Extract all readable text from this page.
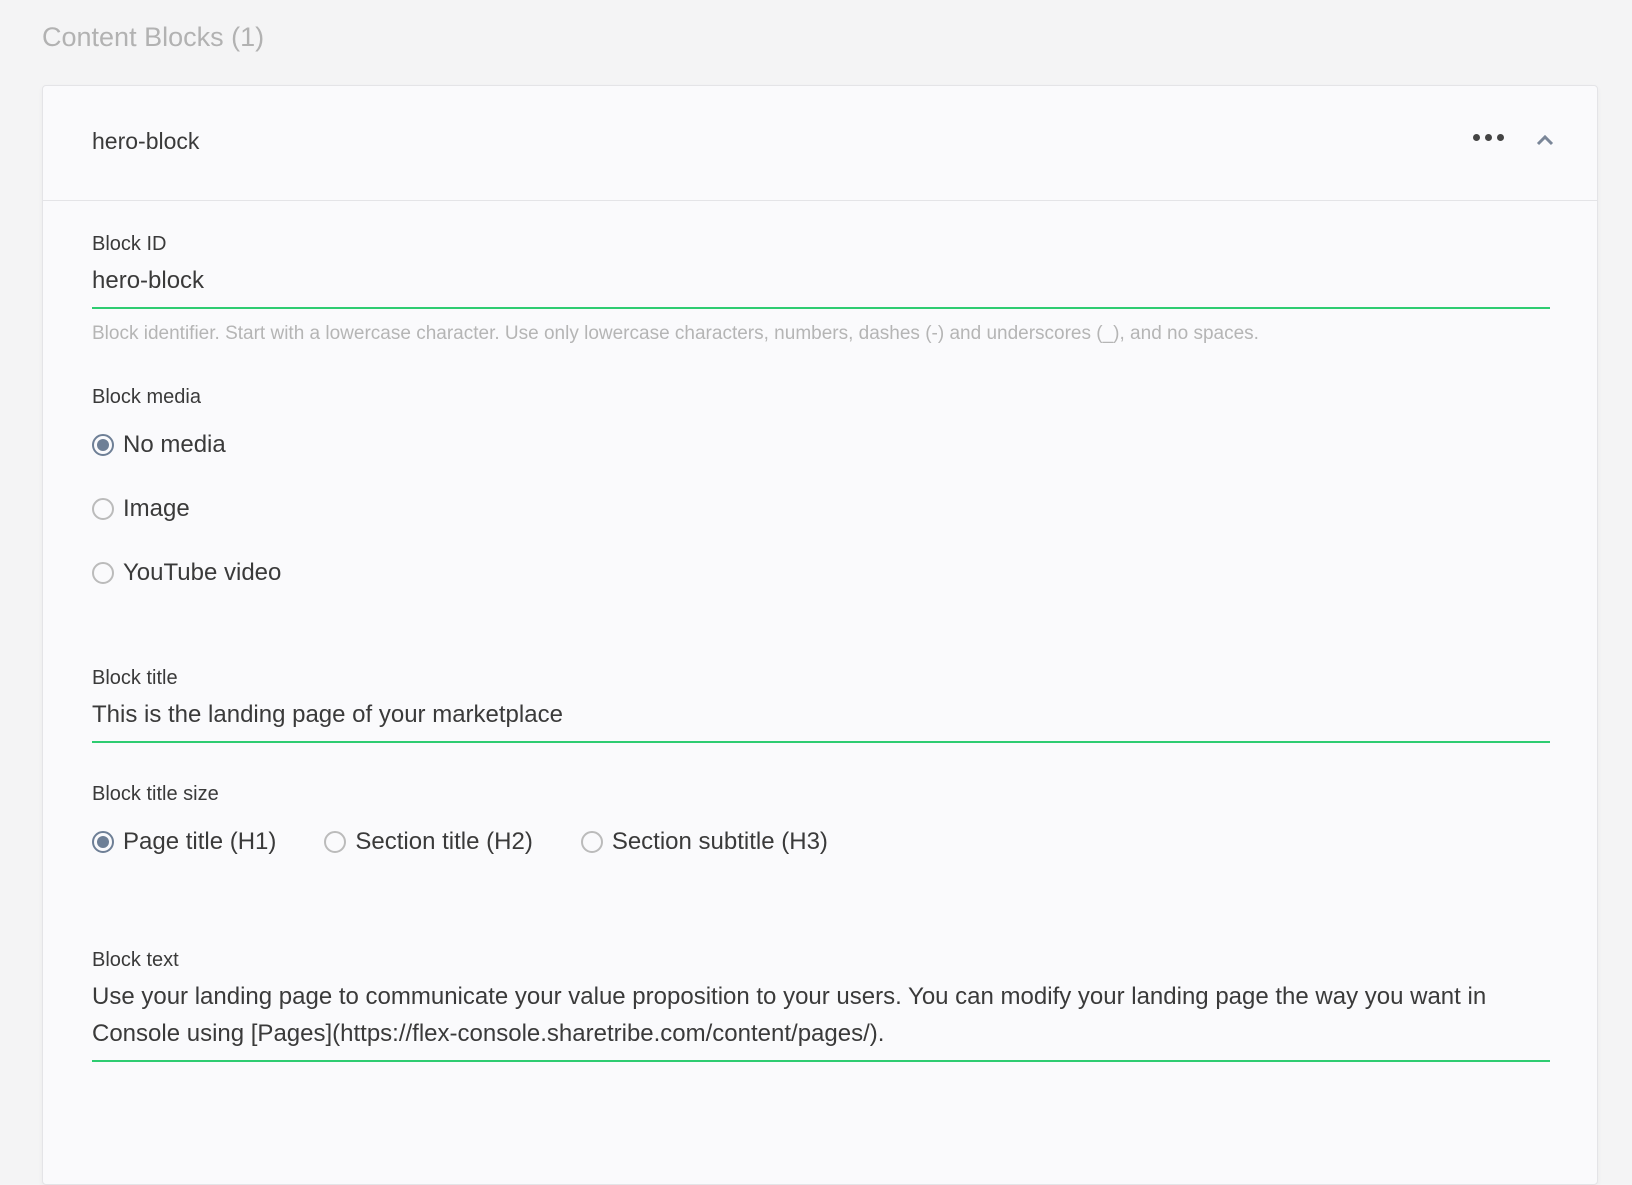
Content Blocks (1)
hero-block
Block ID
hero-block
Block identifier. Start with a lowercase character. Use only lowercase characters, numbers, dashes (-) and underscores (_), and no spaces.
Block media
No media
Image
YouTube video
Block title
This is the landing page of your marketplace
Block title size
Page title (H1)	Section title (H2)	Section subtitle (H3)
Block text
Use your landing page to communicate your value proposition to your users. You can modify your landing page the way you want in Console using [Pages](https://flex-console.sharetribe.com/content/pages/).
